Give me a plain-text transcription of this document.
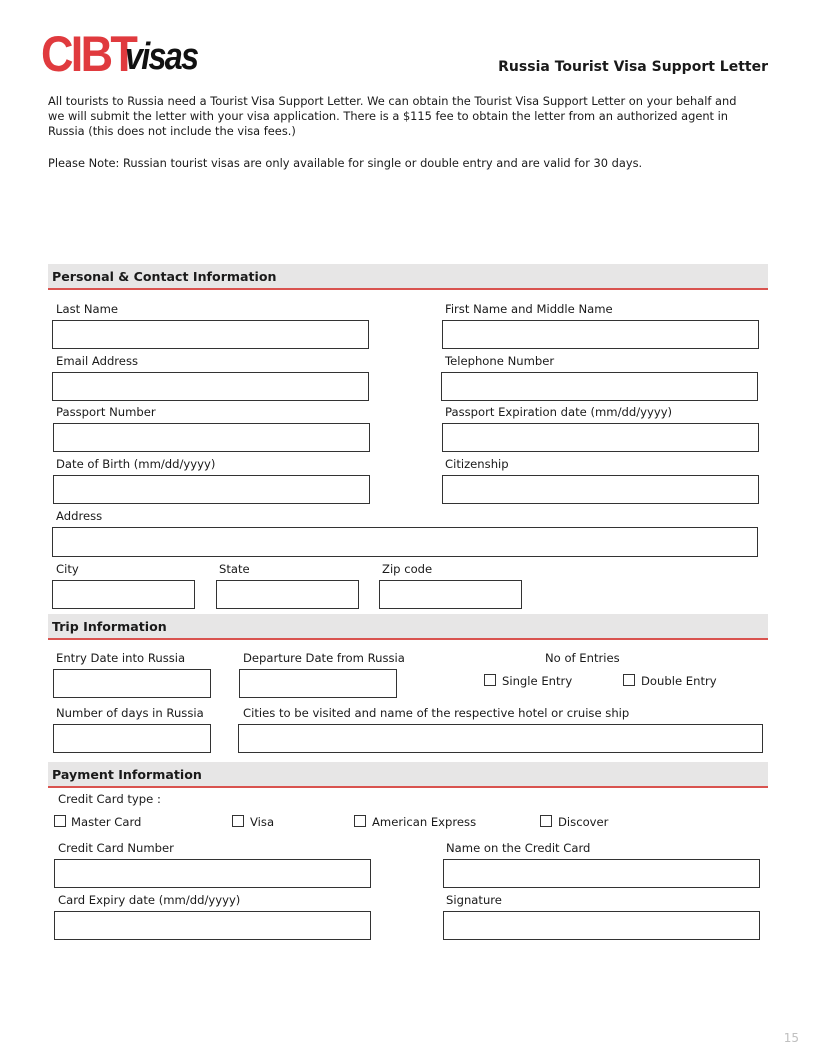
CIBT
visas	Russia Tourist Visa Support Letter
All tourists to Russia need a Tourist Visa Support Letter. We can obtain the Tourist Visa Support Letter on your behalf and we will submit the letter with your visa application. There is a $115 fee to obtain the letter from an authorized agent in Russia (this does not include the visa fees.)
Please Note: Russian tourist visas are only available for single or double entry and are valid for 30 days.
Personal & Contact Information
Last Name	First Name and Middle Name
Email Address	Telephone Number
Passport Number	Passport Expiration date (mm/dd/yyyy)
Date of Birth (mm/dd/yyyy)	Citizenship
Address
City	State	Zip code
Trip Information
Entry Date into Russia	Departure Date from Russia	No of Entries
Single Entry	Double Entry
Number of days in Russia	Cities to be visited and name of the respective hotel or cruise ship
Payment Information
Credit Card type :
Master Card	Visa	American Express	Discover
Credit Card Number	Name on the Credit Card
Card Expiry date (mm/dd/yyyy)	Signature
15
